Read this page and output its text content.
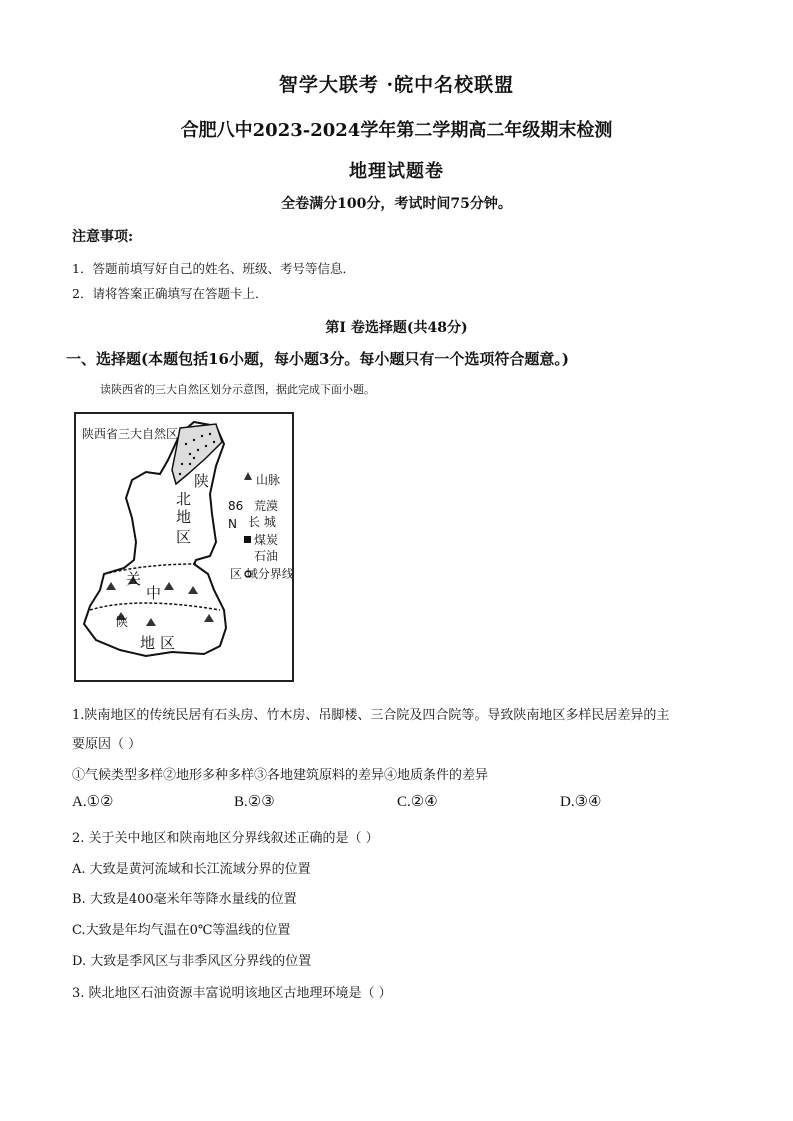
智学大联考 ·皖中名校联盟
合肥八中2023-2024学年第二学期高二年级期末检测
地理试题卷
全卷满分100分，考试时间75分钟。
注意事项:
1．答题前填写好自己的姓名、班级、考号等信息．
2．请将答案正确填写在答题卡上．
第I 卷选择题(共48分)
一、选择题(本题包括16小题，每小题3分。每小题只有一个选项符合题意。)
读陕西省的三大自然区划分示意图，据此完成下面小题。
陕西省三大自然区
陕
北
地
区
关
中
陕
地 区
86
N
山脉
荒漠
长 城
煤炭
石油
区 域分界线
1.陕南地区的传统民居有石头房、竹木房、吊脚楼、三合院及四合院等。导致陕南地区多样民居差异的主
要原因（ ）
①气候类型多样②地形多种多样③各地建筑原料的差异④地质条件的差异
A.①②	B.②③	C.②④	D.③④
2. 关于关中地区和陕南地区分界线叙述正确的是（ ）
A. 大致是黄河流域和长江流域分界的位置
B. 大致是400毫米年等降水量线的位置
C.大致是年均气温在0℃等温线的位置
D. 大致是季风区与非季风区分界线的位置
3. 陕北地区石油资源丰富说明该地区古地理环境是（ ）
